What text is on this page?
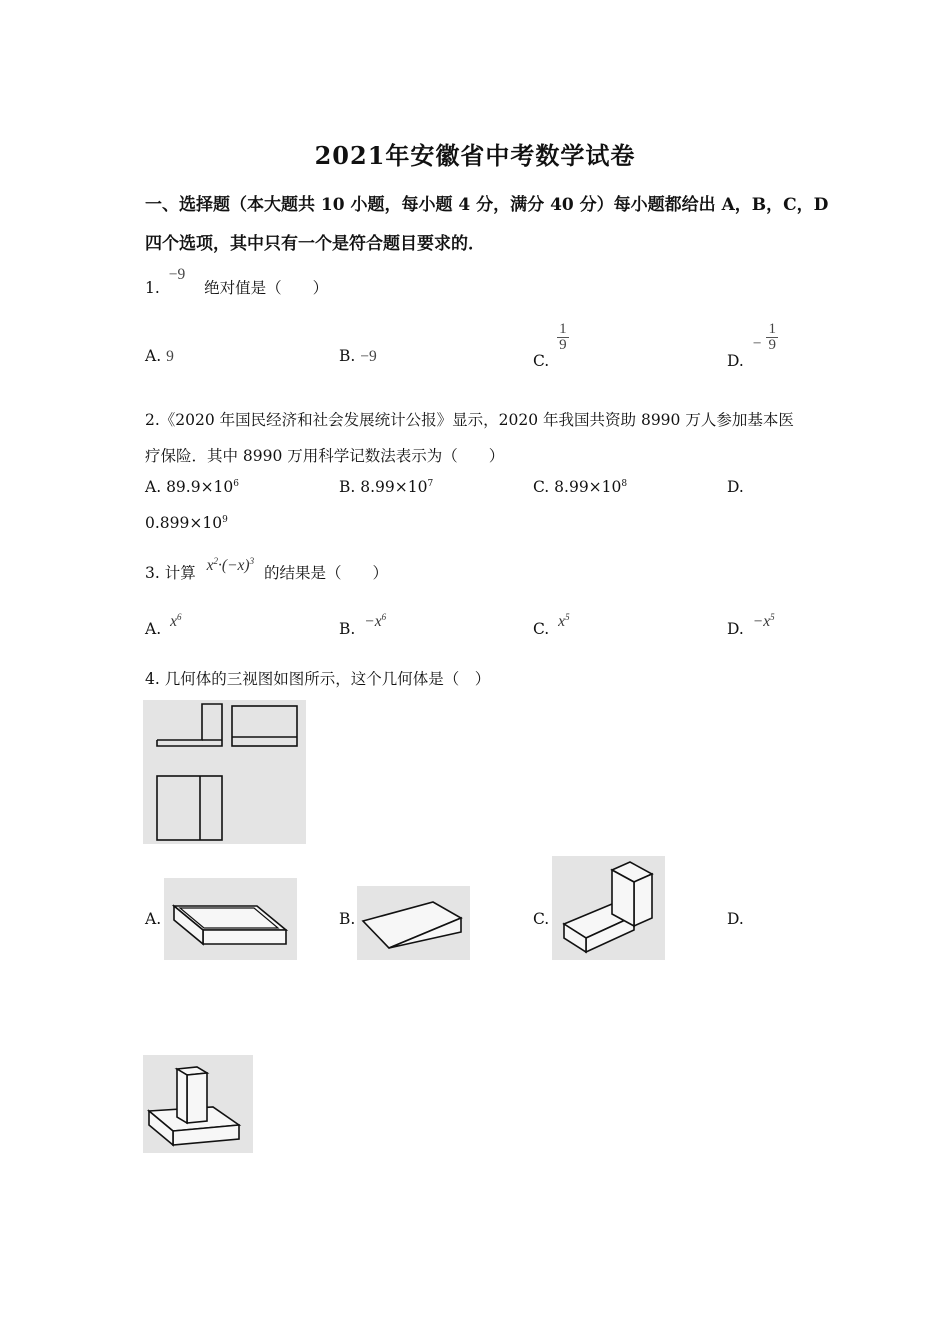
2021年安徽省中考数学试卷
一、选择题（本大题共 10 小题，每小题 4 分，满分 40 分）每小题都给出 A，B，C，D
四个选项，其中只有一个是符合题目要求的．
1. −9 绝对值是（　　）
A. 9	B. −9	C.
$\frac{1}{9}$
D. − $\frac{1}{9}$
2.《2020 年国民经济和社会发展统计公报》显示，2020 年我国共资助 8990 万人参加基本医
疗保险．其中 8990 万用科学记数法表示为（　　）
A. $89.9\times 10^6$	B. $8.99\times 10^7$	C. $8.99\times 10^8$	D.
$0.899\times 10^9$
3. 计算 $x^2\cdot(-x)^3$ 的结果是（　　）
A. $x^6$
B. $-x^6$
C. $x^5$
D. $-x^5$
4. 几何体的三视图如图所示，这个几何体是（　）
A.	B.	C.	D.
